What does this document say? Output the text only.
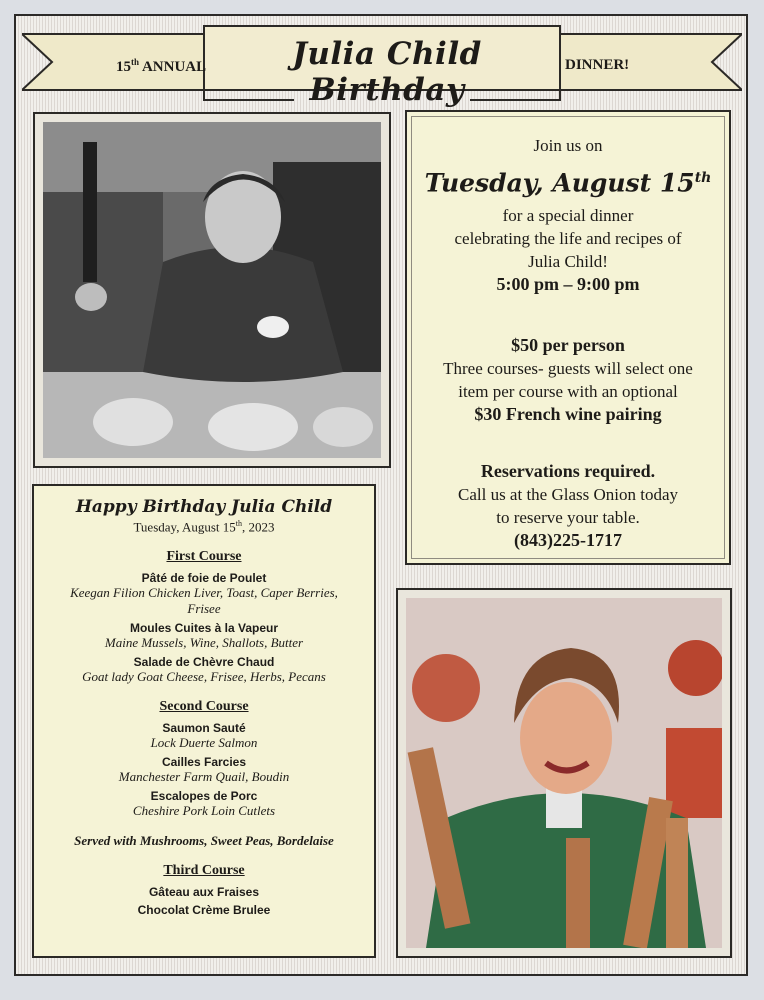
15th ANNUAL	Julia Child Birthday
DINNER!
Join us on
Tuesday, August 15th
for a special dinner
celebrating the life and recipes of
Julia Child!
5:00 pm – 9:00 pm
$50 per person
Three courses- guests will select one
item per course with an optional
$30 French wine pairing
Reservations required.
Call us at the Glass Onion today
to reserve your table.
(843)225-1717
Happy Birthday Julia Child
Tuesday, August 15th, 2023
First Course
Pâté de foie de Poulet
Keegan Filion Chicken Liver, Toast, Caper Berries, Frisee
Moules Cuites à la Vapeur
Maine Mussels, Wine, Shallots, Butter
Salade de Chèvre Chaud
Goat lady Goat Cheese, Frisee, Herbs, Pecans
Second Course
Saumon Sauté
Lock Duerte Salmon
Cailles Farcies
Manchester Farm Quail, Boudin
Escalopes de Porc
Cheshire Pork Loin Cutlets
Served with Mushrooms, Sweet Peas, Bordelaise
Third Course
Gâteau aux Fraises
Chocolat Crème Brulee
